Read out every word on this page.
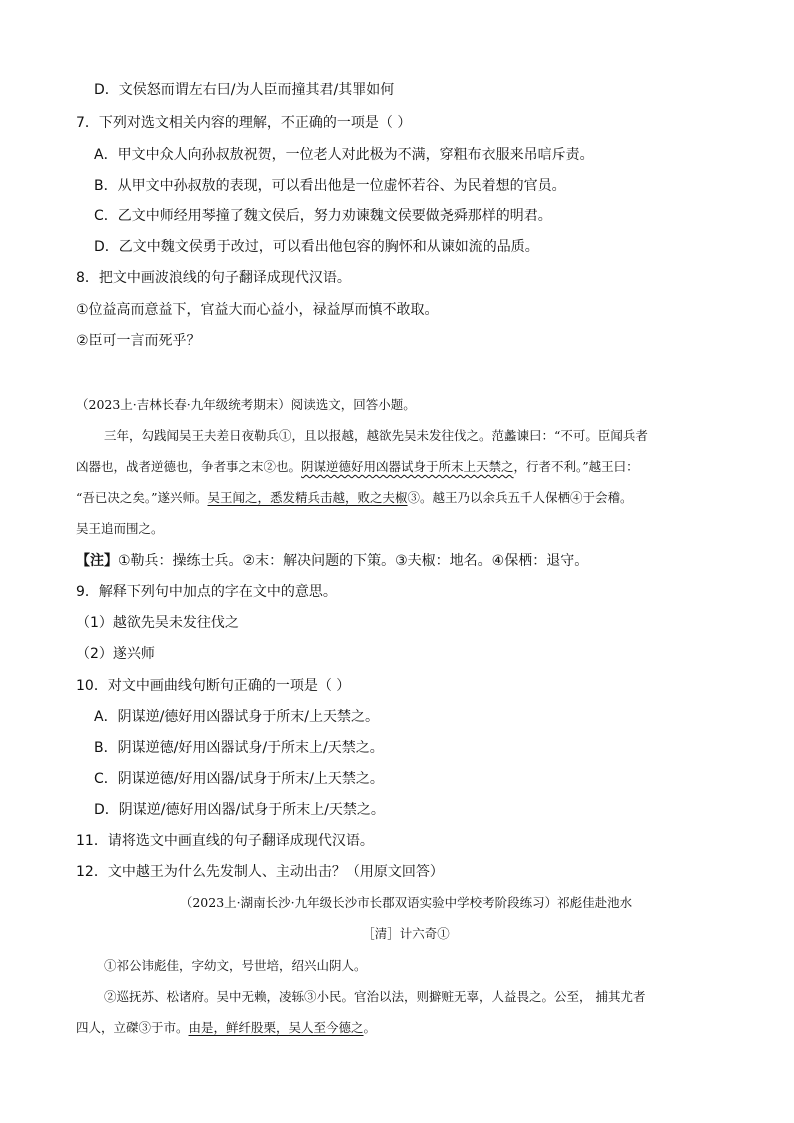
D．文侯怒而谓左右曰/为人臣而撞其君/其罪如何
7．下列对选文相关内容的理解，不正确的一项是（ ）
A．甲文中众人向孙叔敖祝贺，一位老人对此极为不满，穿粗布衣服来吊唁斥责。
B．从甲文中孙叔敖的表现，可以看出他是一位虚怀若谷、为民着想的官员。
C．乙文中师经用琴撞了魏文侯后，努力劝谏魏文侯要做尧舜那样的明君。
D．乙文中魏文侯勇于改过，可以看出他包容的胸怀和从谏如流的品质。
8．把文中画波浪线的句子翻译成现代汉语。
①位益高而意益下，官益大而心益小，禄益厚而慎不敢取。
②臣可一言而死乎？
（2023上·吉林长春·九年级统考期末）阅读选文，回答小题。
三年，勾践闻吴王夫差日夜勒兵①，且以报越，越欲先吴未发往伐之。范蠡谏曰：“不可。臣闻兵者
凶器也，战者逆德也，争者事之末②也。阴谋逆德好用凶器试身于所末上天禁之，行者不利。”越王曰：
“吾已决之矣。”遂兴师。吴王闻之，悉发精兵击越，败之夫椒③。越王乃以余兵五千人保栖④于会稽。
吴王追而围之。
【注】①勒兵：操练士兵。②末：解决问题的下策。③夫椒：地名。④保栖：退守。
9．解释下列句中加点的字在文中的意思。
（1）越欲先吴未发往伐之
（2）遂兴师
10．对文中画曲线句断句正确的一项是（ ）
A．阴谋逆/德好用凶器试身于所末/上天禁之。
B．阴谋逆德/好用凶器试身/于所末上/天禁之。
C．阴谋逆德/好用凶器/试身于所末/上天禁之。
D．阴谋逆/德好用凶器/试身于所末上/天禁之。
11．请将选文中画直线的句子翻译成现代汉语。
12．文中越王为什么先发制人、主动出击？（用原文回答）
（2023上·湖南长沙·九年级长沙市长郡双语实验中学校考阶段练习）祁彪佳赴池水
［清］计六奇①
①祁公讳彪佳，字幼文，号世培，绍兴山阴人。
②巡抚苏、松诸府。吴中无赖，凌轹③小民。官治以法，则擗赃无辜，人益畏之。公至， 捕其尤者
四人，立磔③于市。由是，鲜纤股栗，吴人至今德之。
